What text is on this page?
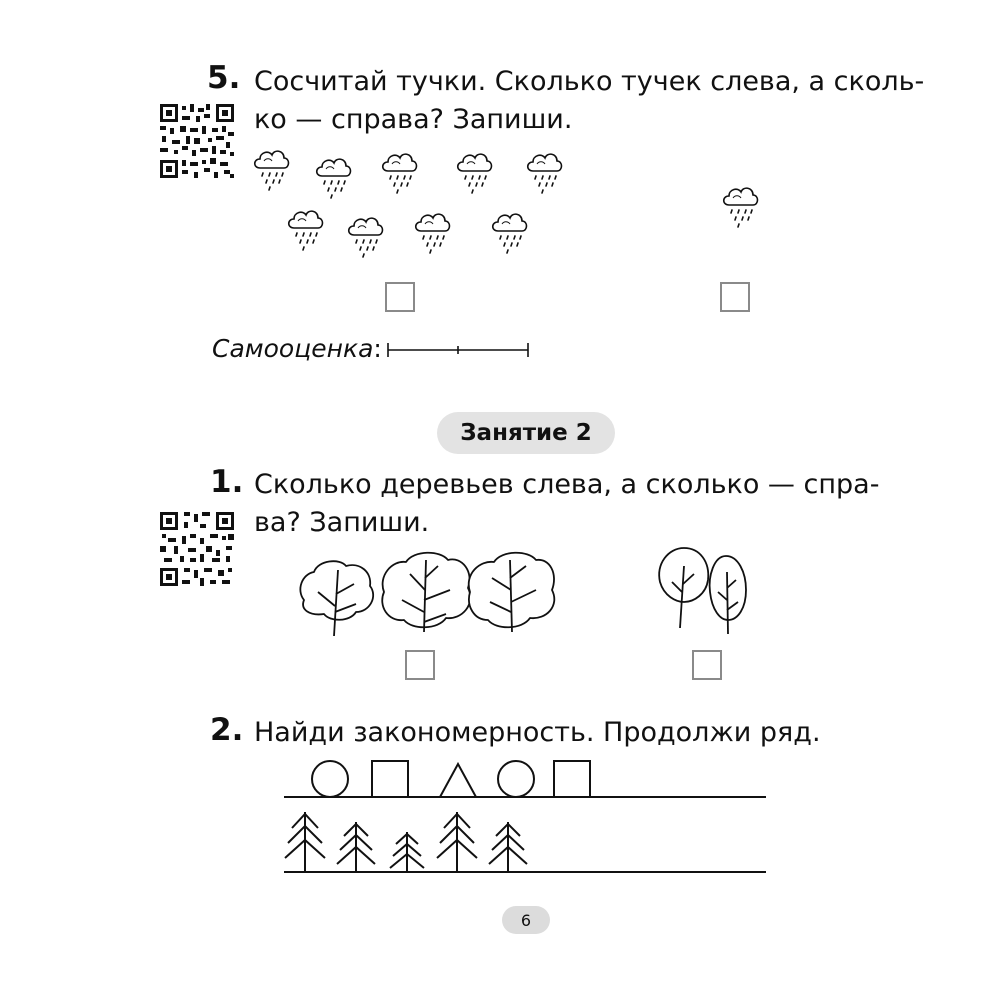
5. Сосчитай тучки. Сколько тучек слева, а сколь-
ко — справа? Запиши.
Самооценка:
Занятие 2
1. Сколько деревьев слева, а сколько — спра-
ва? Запиши.
2. Найди закономерность. Продолжи ряд.
6
